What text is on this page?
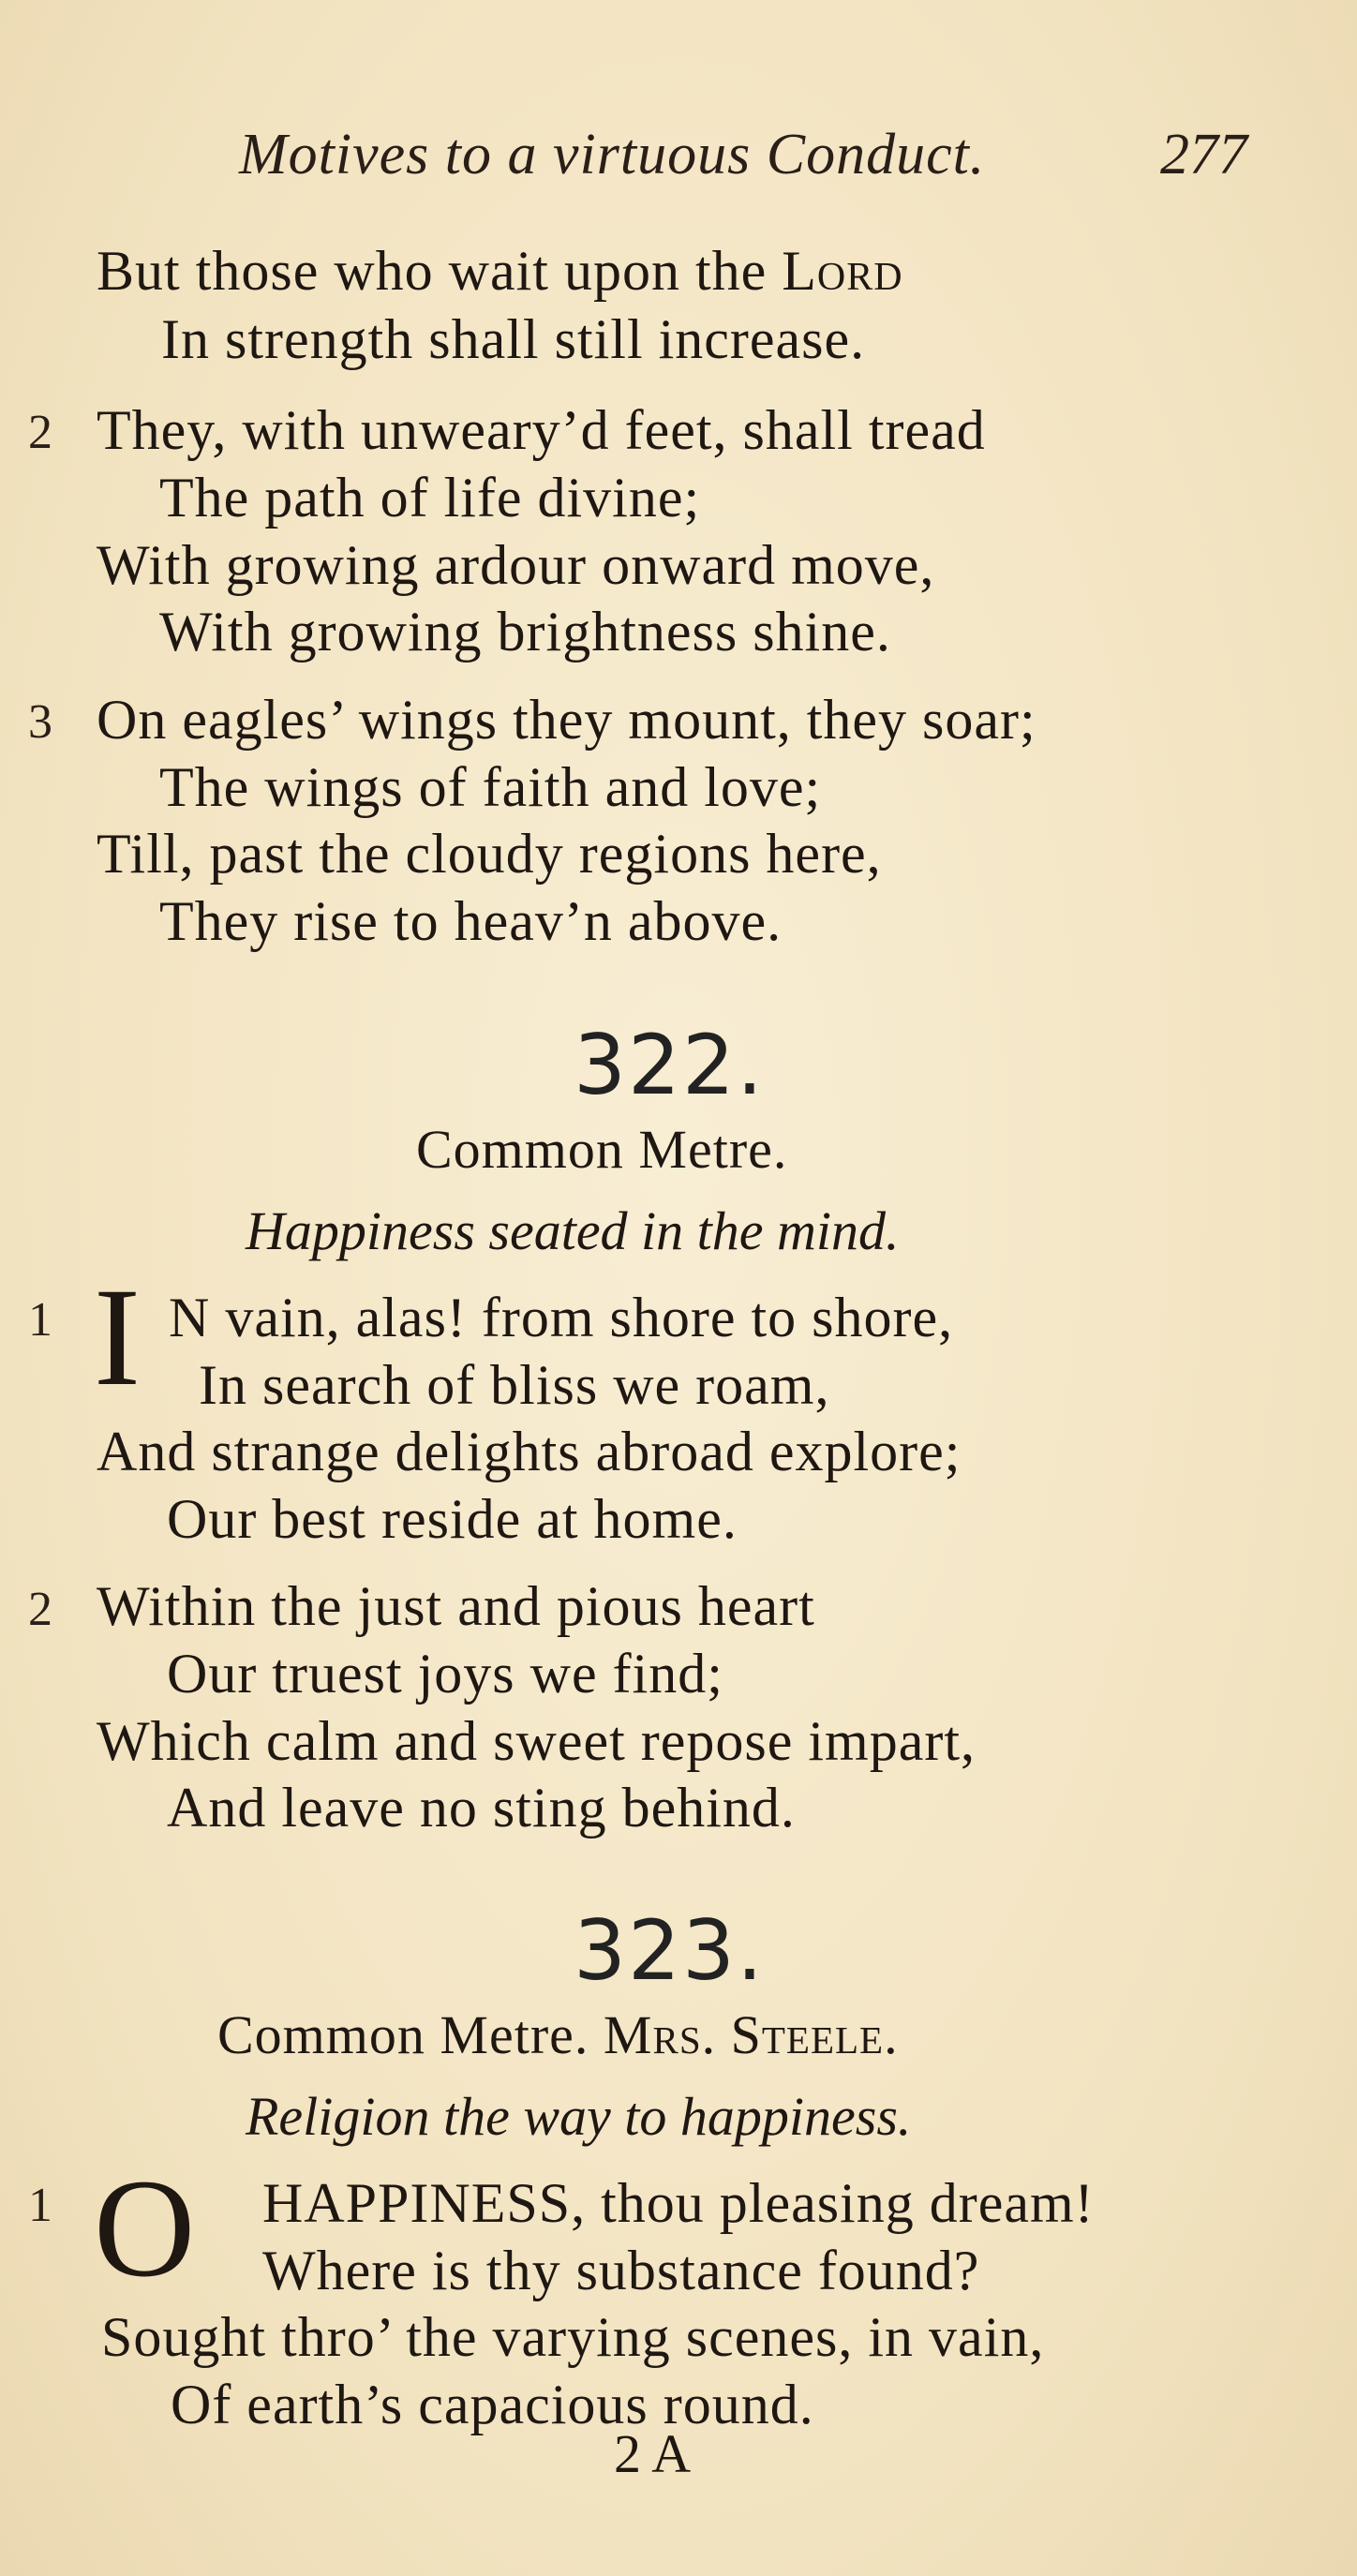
Motives to a virtuous Conduct.	277
But those who wait upon the Lord
In strength shall still increase.
2 They, with unweary’d feet, shall tread
The path of life divine;
With growing ardour onward move,
With growing brightness shine.
3 On eagles’ wings they mount, they soar;
The wings of faith and love;
Till, past the cloudy regions here,
They rise to heav’n above.
322.
Common Metre.
Happiness seated in the mind.
1 I N vain, alas! from shore to shore,
In search of bliss we roam,
And strange delights abroad explore;
Our best reside at home.
2 Within the just and pious heart
Our truest joys we find;
Which calm and sweet repose impart,
And leave no sting behind.
323.
Common Metre. Mrs. Steele.
Religion the way to happiness.
1 O HAPPINESS, thou pleasing dream!
Where is thy substance found?
Sought thro’ the varying scenes, in vain,
Of earth’s capacious round.
2 A
